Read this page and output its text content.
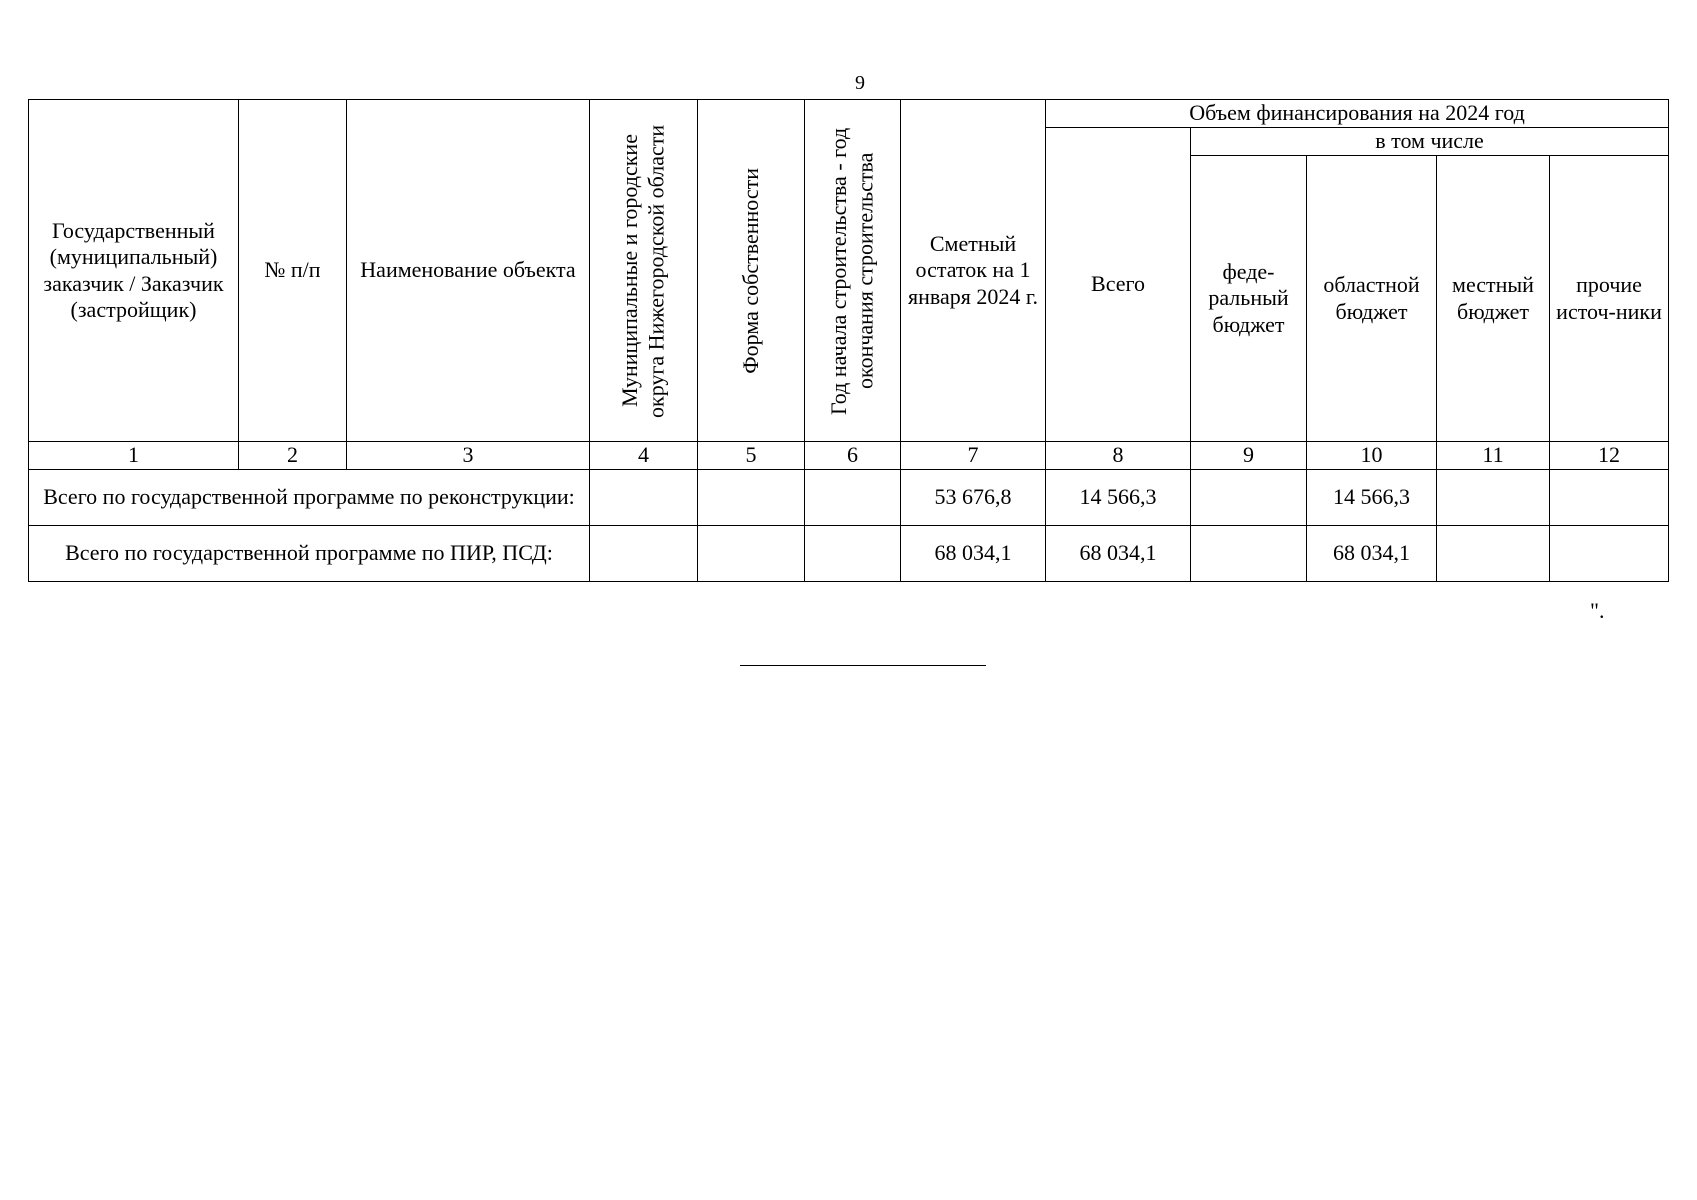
9
Государственный (муниципальный) заказчик / Заказчик (застройщик)	№ п/п	Наименование объекта	Муниципальные и городские округа Нижегородской области	Форма собственности	Год начала строительства - год окончания строительства	Сметный остаток на 1 января 2024 г.	Объем финансирования на 2024 год				
							Всего	в том числе			
								феде-ральный бюджет	областной бюджет	местный бюджет	прочие источ-ники
1	2	3	4	5	6	7	8	9	10	11	12
Всего по государственной программе по реконструкции:						53 676,8	14 566,3		14 566,3		
Всего по государственной программе по ПИР, ПСД:						68 034,1	68 034,1		68 034,1		
".
